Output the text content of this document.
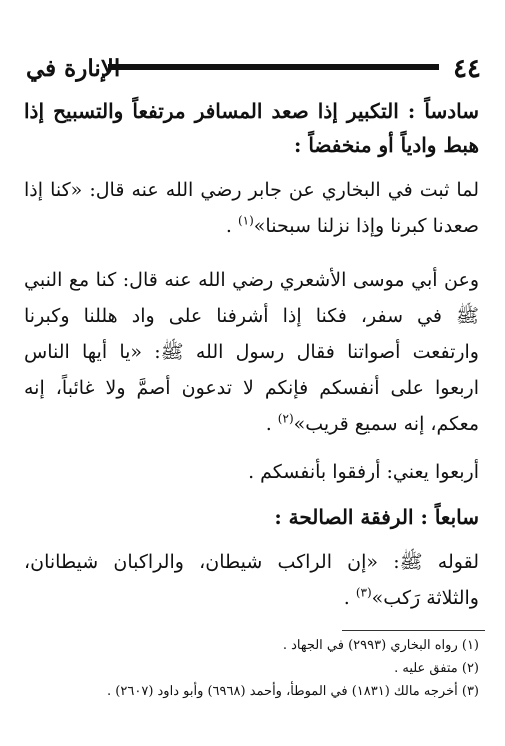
٤٤
الإنارة في
سادساً : التكبير إذا صعد المسافر مرتفعاً والتسبيح إذا هبط وادياً أو منخفضاً :
لما ثبت في البخاري عن جابر رضي الله عنه قال: «كنا إذا صعدنا كبرنا وإذا نزلنا سبحنا»$^{(١)}$ .
وعن أبي موسى الأشعري رضي الله عنه قال: كنا مع النبي ﷺ في سفر، فكنا إذا أشرفنا على واد هللنا وكبرنا وارتفعت أصواتنا فقال رسول الله ﷺ: «يا أيها الناس اربعوا على أنفسكم فإنكم لا تدعون أصمَّ ولا غائباً، إنه معكم، إنه سميع قريب»$^{(٢)}$ .
أربعوا يعني: أرفقوا بأنفسكم .
سابعاً : الرفقة الصالحة :
لقوله ﷺ: «إن الراكب شيطان، والراكبان شيطانان، والثلاثة رَكب»$^{(٣)}$ .
(١) رواه البخاري (٢٩٩٣) في الجهاد .
(٢) متفق عليه .
(٣) أخرجه مالك (١٨٣١) في الموطأ، وأحمد (٦٩٦٨) وأبو داود (٢٦٠٧) .
